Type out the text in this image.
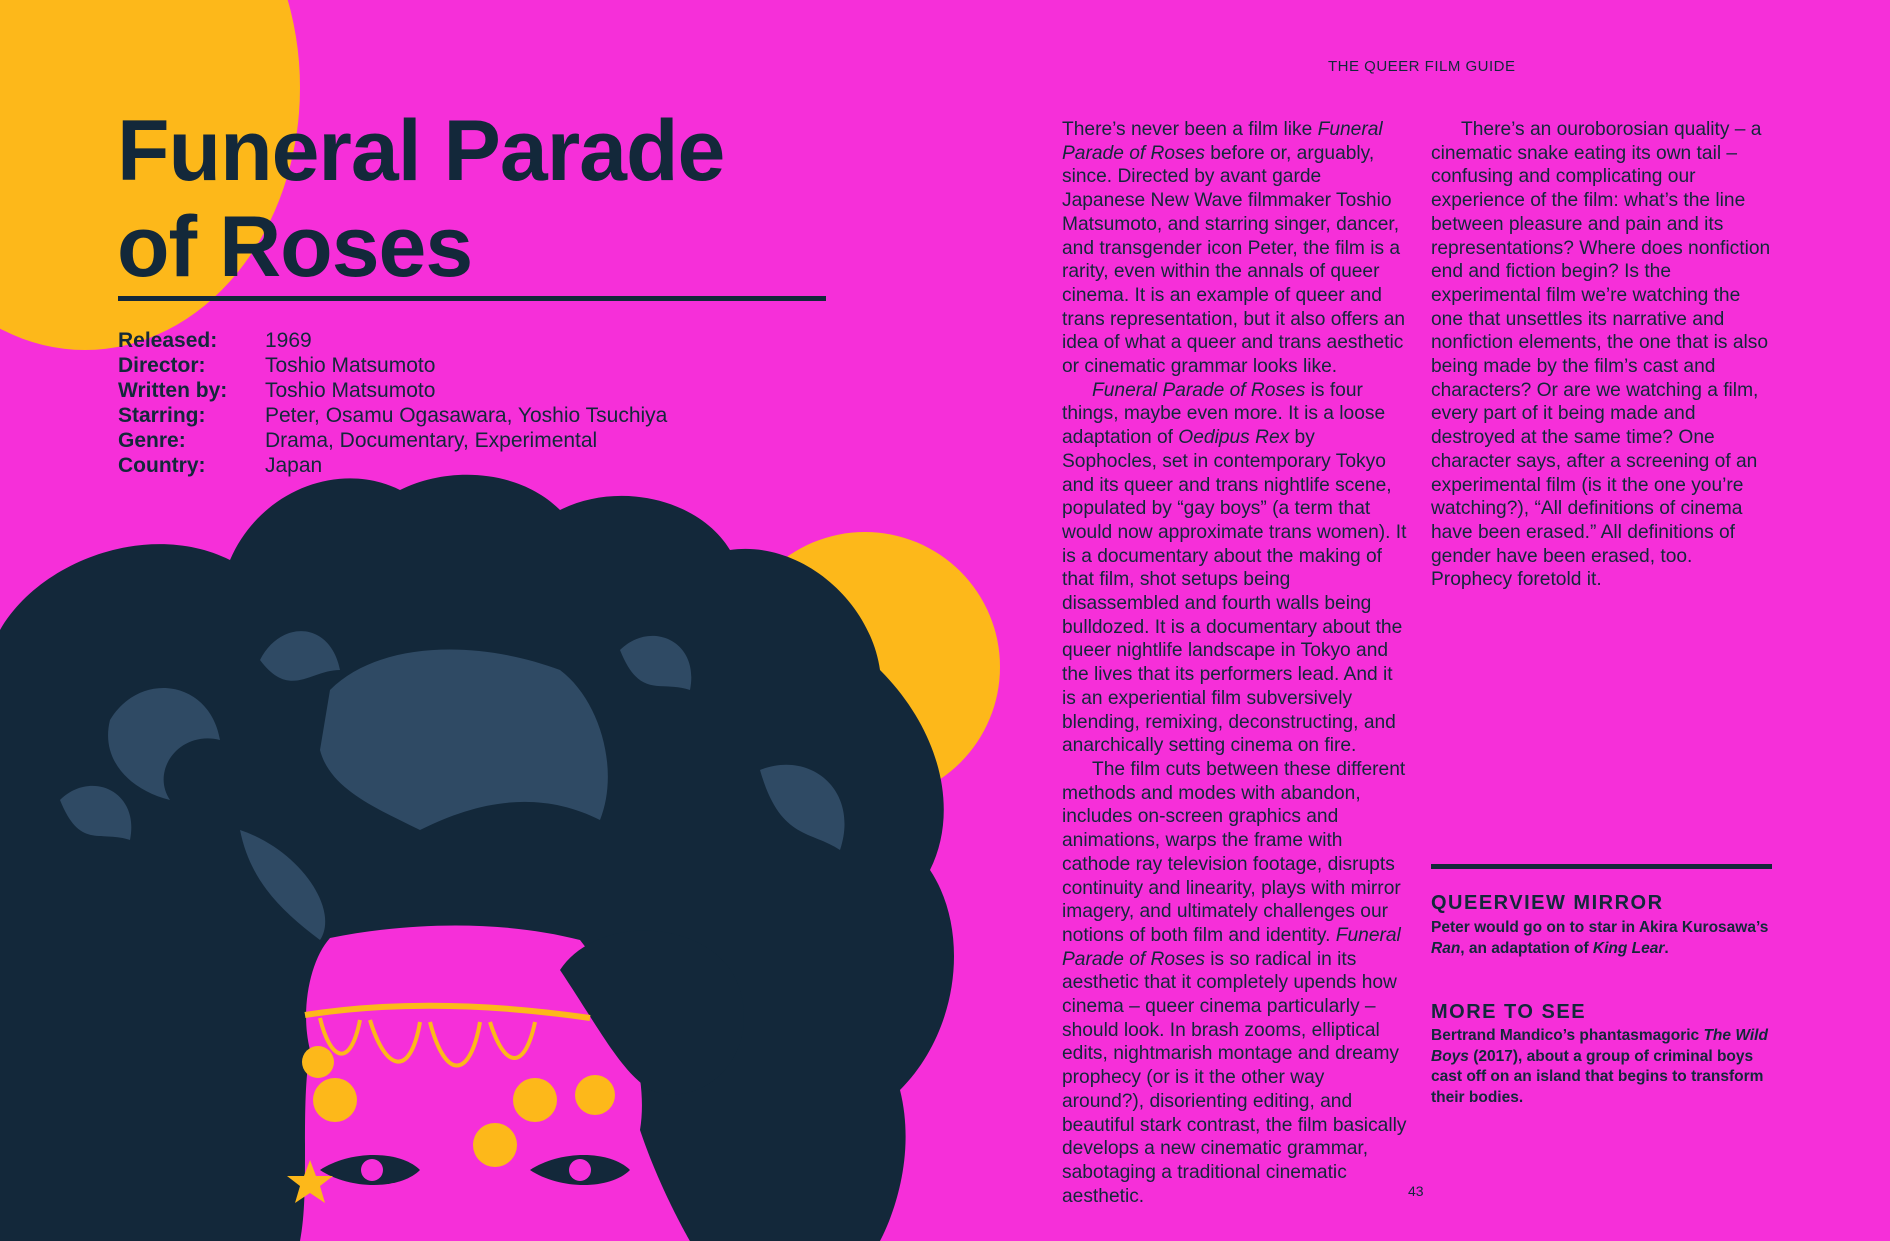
THE QUEER FILM GUIDE
Funeral Parade
of Roses
Released:	1969
Director:	Toshio Matsumoto
Written by:	Toshio Matsumoto
Starring:	Peter, Osamu Ogasawara, Yoshio Tsuchiya
Genre:	Drama, Documentary, Experimental
Country:	Japan

There’s never been a film like Funeral Parade of Roses before or, arguably, since. Directed by avant garde Japanese New Wave filmmaker Toshio Matsumoto, and starring singer, dancer, and transgender icon Peter, the film is a rarity, even within the annals of queer cinema. It is an example of queer and trans representation, but it also offers an idea of what a queer and trans aesthetic or cinematic grammar looks like.

Funeral Parade of Roses is four things, maybe even more. It is a loose adaptation of Oedipus Rex by Sophocles, set in contemporary Tokyo and its queer and trans nightlife scene, populated by “gay boys” (a term that would now approximate trans women). It is a documentary about the making of that film, shot setups being disassembled and fourth walls being bulldozed. It is a documentary about the queer nightlife landscape in Tokyo and the lives that its performers lead. And it is an experiential film subversively blending, remixing, deconstructing, and anarchically setting cinema on fire.

The film cuts between these different methods and modes with abandon, includes on-screen graphics and animations, warps the frame with cathode ray television footage, disrupts continuity and linearity, plays with mirror imagery, and ultimately challenges our notions of both film and identity. Funeral Parade of Roses is so radical in its aesthetic that it completely upends how cinema – queer cinema particularly – should look. In brash zooms, elliptical edits, nightmarish montage and dreamy prophecy (or is it the other way around?), disorienting editing, and beautiful stark contrast, the film basically develops a new cinematic grammar, sabotaging a traditional cinematic aesthetic.

There’s an ouroborosian quality – a cinematic snake eating its own tail – confusing and complicating our experience of the film: what’s the line between pleasure and pain and its representations? Where does nonfiction end and fiction begin? Is the experimental film we’re watching the one that unsettles its narrative and nonfiction elements, the one that is also being made by the film’s cast and characters? Or are we watching a film, every part of it being made and destroyed at the same time? One character says, after a screening of an experimental film (is it the one you’re watching?), “All definitions of cinema have been erased.” All definitions of gender have been erased, too. Prophecy foretold it.

QUEERVIEW MIRROR
Peter would go on to star in Akira Kurosawa’s Ran, an adaptation of King Lear.
MORE TO SEE
Bertrand Mandico’s phantasmagoric The Wild Boys (2017), about a group of criminal boys cast off on an island that begins to transform their bodies.
43
